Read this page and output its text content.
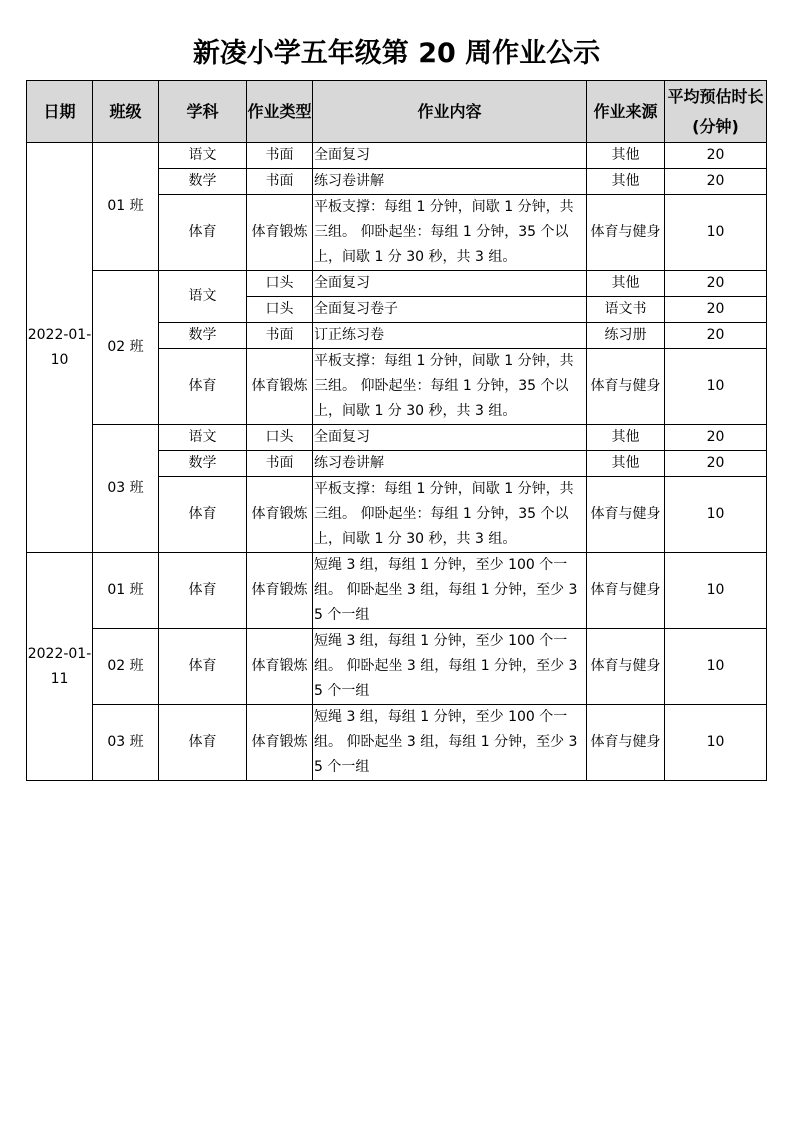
新凌小学五年级第 20 周作业公示
日期	班级	学科	作业类型	作业内容	作业来源	平均预估时长(分钟)
2022-01-10	01 班	语文	书面	全面复习	其他	20
		数学	书面	练习卷讲解	其他	20
		体育	体育锻炼	平板支撑：每组 1 分钟，间歇 1 分钟，共三组。 仰卧起坐：每组 1 分钟，35 个以上，间歇 1 分 30 秒，共 3 组。	体育与健身	10
	02 班	语文	口头	全面复习	其他	20
			口头	全面复习卷子	语文书	20
		数学	书面	订正练习卷	练习册	20
		体育	体育锻炼	平板支撑：每组 1 分钟，间歇 1 分钟，共三组。 仰卧起坐：每组 1 分钟，35 个以上，间歇 1 分 30 秒，共 3 组。	体育与健身	10
	03 班	语文	口头	全面复习	其他	20
		数学	书面	练习卷讲解	其他	20
		体育	体育锻炼	平板支撑：每组 1 分钟，间歇 1 分钟，共三组。 仰卧起坐：每组 1 分钟，35 个以上，间歇 1 分 30 秒，共 3 组。	体育与健身	10
2022-01-11	01 班	体育	体育锻炼	短绳 3 组，每组 1 分钟，至少 100 个一组。 仰卧起坐 3 组，每组 1 分钟，至少 35 个一组	体育与健身	10
	02 班	体育	体育锻炼	短绳 3 组，每组 1 分钟，至少 100 个一组。 仰卧起坐 3 组，每组 1 分钟，至少 35 个一组	体育与健身	10
	03 班	体育	体育锻炼	短绳 3 组，每组 1 分钟，至少 100 个一组。 仰卧起坐 3 组，每组 1 分钟，至少 35 个一组	体育与健身	10
